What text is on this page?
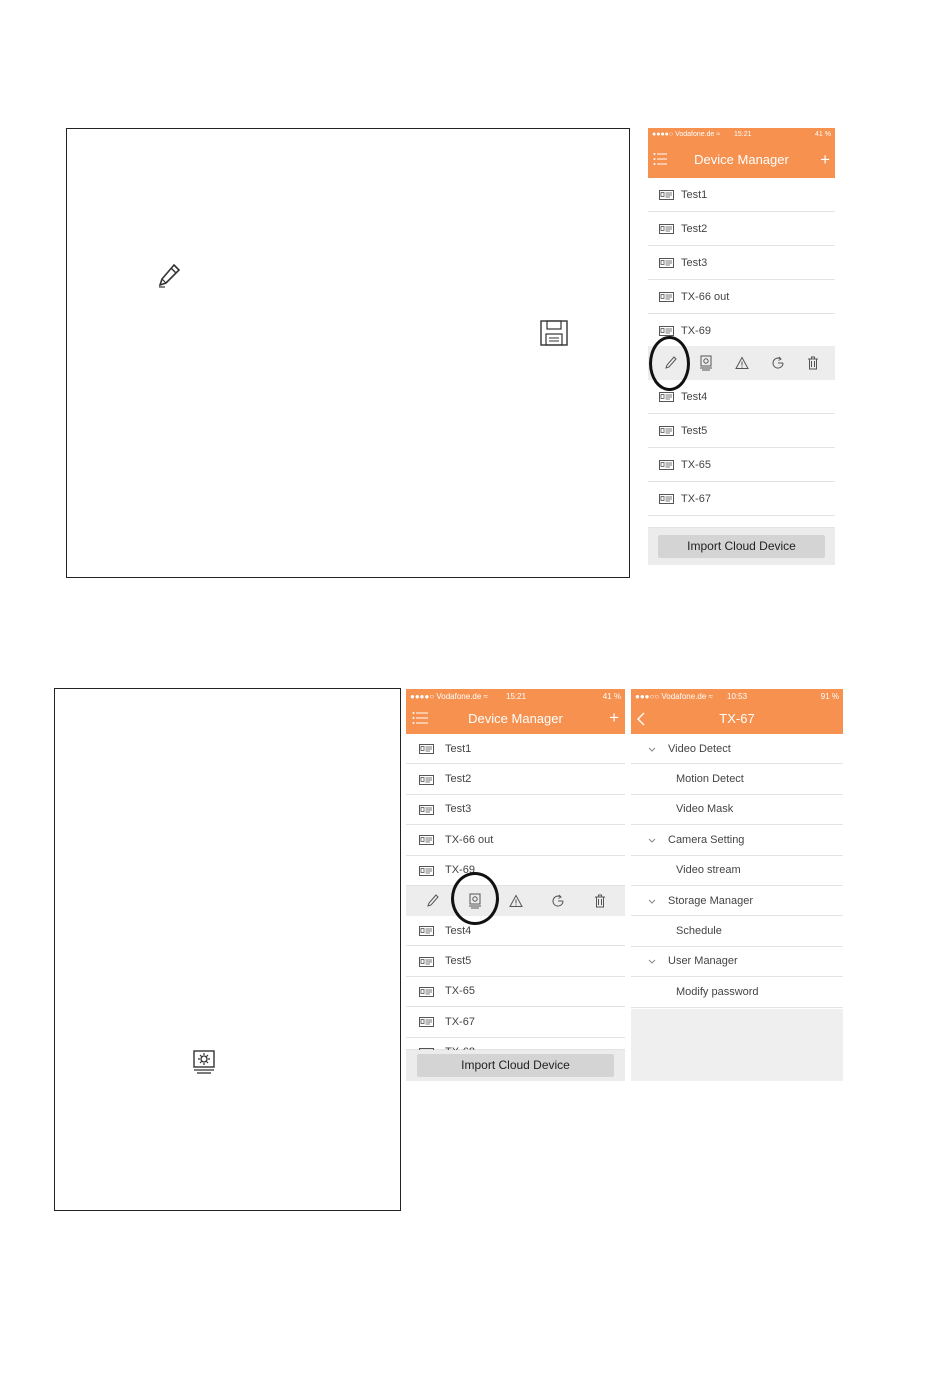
●●●●○ Vodafone.de ≈ 15:21	41 %
Device Manager	+
Test1
Test2
Test3
TX-66 out
TX-69
Test4
Test5
TX-65
TX-67
Import Cloud Device
●●●●○ Vodafone.de ≈ 15:21	41 %
Device Manager	+
Test1
Test2
Test3
TX-66 out
TX-69
Test4
Test5
TX-65
TX-67
Import Cloud Device
●●●○○ Vodafone.de ≈ 10:53	91 %
TX-67
Video Detect
Motion Detect
Video Mask
Camera Setting
Video stream
Storage Manager
Schedule
User Manager
Modify password
